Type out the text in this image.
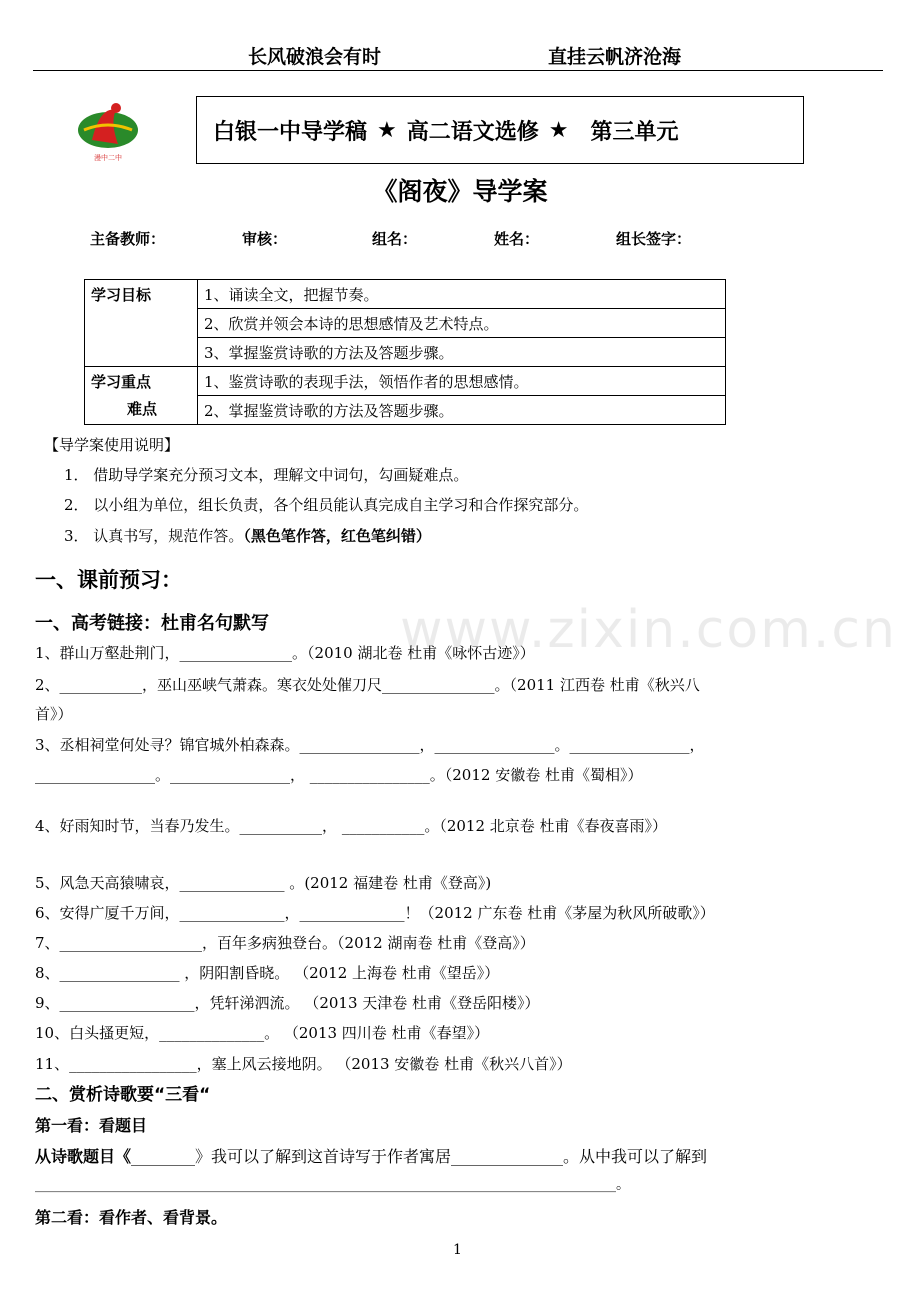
长风破浪会有时	直挂云帆济沧海
漫中二中
白银一中导学稿 ★ 高二语文选修 ★ 第三单元
《阁夜》导学案
主备教师：	审核：	组名：	姓名：	组长签字：
学习目标	1、诵读全文，把握节奏。
	2、欣赏并领会本诗的思想感情及艺术特点。
	3、掌握鉴赏诗歌的方法及答题步骤。

学习重点
难点	1、鉴赏诗歌的表现手法，领悟作者的思想感情。
	2、掌握鉴赏诗歌的方法及答题步骤。
【导学案使用说明】
1． 借助导学案充分预习文本，理解文中词句，勾画疑难点。
2． 以小组为单位，组长负责，各个组员能认真完成自主学习和合作探究部分。
3． 认真书写，规范作答。（黑色笔作答，红色笔纠错）
一、课前预习：
一、高考链接：杜甫名句默写	www.zixin.com.cn
1、群山万壑赴荆门，_______________。（2010 湖北卷 杜甫《咏怀古迹》）
2、___________，巫山巫峡气萧森。寒衣处处催刀尺_______________。（2011 江西卷 杜甫《秋兴八
首》）
3、丞相祠堂何处寻？锦官城外柏森森。________________，________________。________________，
________________。________________， ________________。（2012 安徽卷 杜甫《蜀相》）
4、好雨知时节，当春乃发生。___________， ___________。（2012 北京卷 杜甫《春夜喜雨》）
5、风急天高猿啸哀，______________ 。(2012 福建卷 杜甫《登高》)
6、安得广厦千万间，______________，______________！（2012 广东卷 杜甫《茅屋为秋风所破歌》）
7、___________________，百年多病独登台。（2012 湖南卷 杜甫《登高》）
8、________________ ，阴阳割昏晓。 （2012 上海卷 杜甫《望岳》）
9、__________________，凭轩涕泗流。 （2013 天津卷 杜甫《登岳阳楼》）
10、白头搔更短，______________。 （2013 四川卷 杜甫《春望》）
11、_________________，塞上风云接地阴。 （2013 安徽卷 杜甫《秋兴八首》）
二、赏析诗歌要“三看“
第一看：看题目
从诗歌题目《________》我可以了解到这首诗写于作者寓居______________。从中我可以了解到
___________________________________________________________________________________。
第二看：看作者、看背景。
1
